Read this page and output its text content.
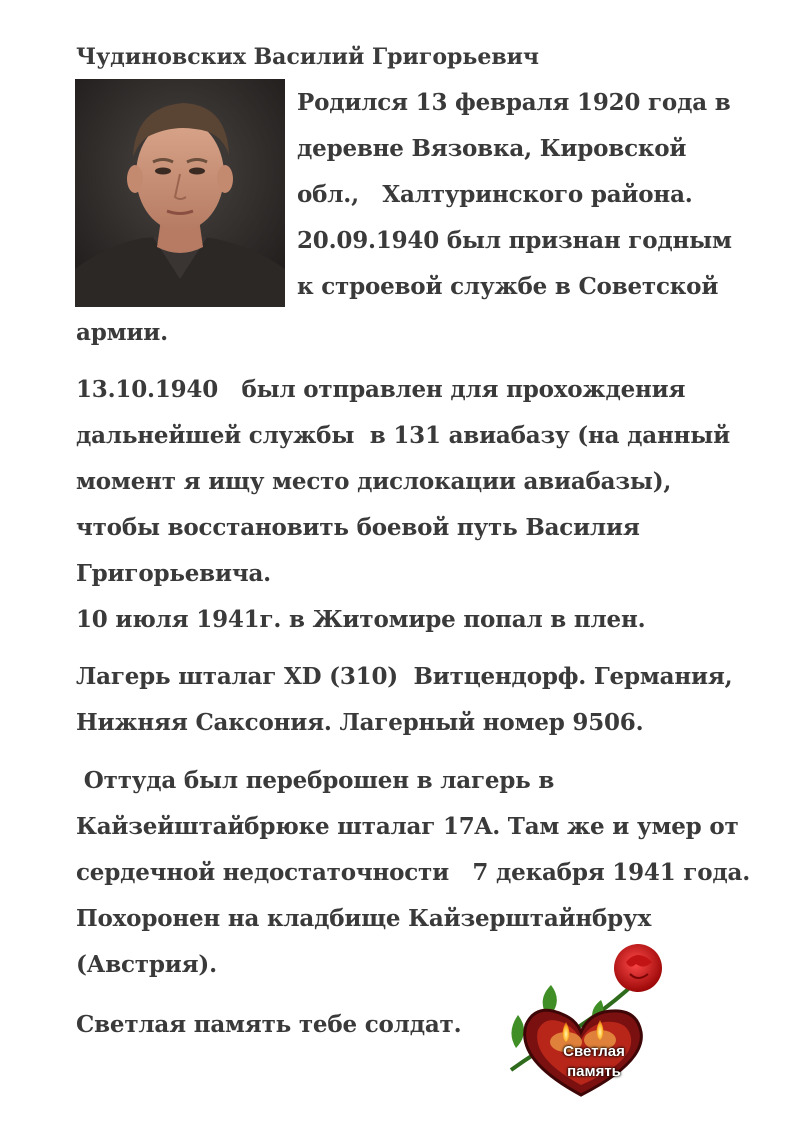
Чудиновских Василий Григорьевич
Родился 13 февраля 1920 года в
деревне Вязовка, Кировской
обл.,   Халтуринского района.
20.09.1940 был признан годным
к строевой службе в Советской
армии.
13.10.1940   был отправлен для прохождения
дальнейшей службы  в 131 авиабазу (на данный
момент я ищу место дислокации авиабазы),
чтобы восстановить боевой путь Василия
Григорьевича.
10 июля 1941г. в Житомире попал в плен.
Лагерь шталаг XD (310)  Витцендорф. Германия,
Нижняя Саксония. Лагерный номер 9506.
Оттуда был переброшен в лагерь в
Кайзейштайбрюке шталаг 17A. Там же и умер от
сердечной недостаточности   7 декабря 1941 года.
Похоронен на кладбище Кайзерштайнбрух
(Австрия).
Светлая память тебе солдат.
Светлая
память
